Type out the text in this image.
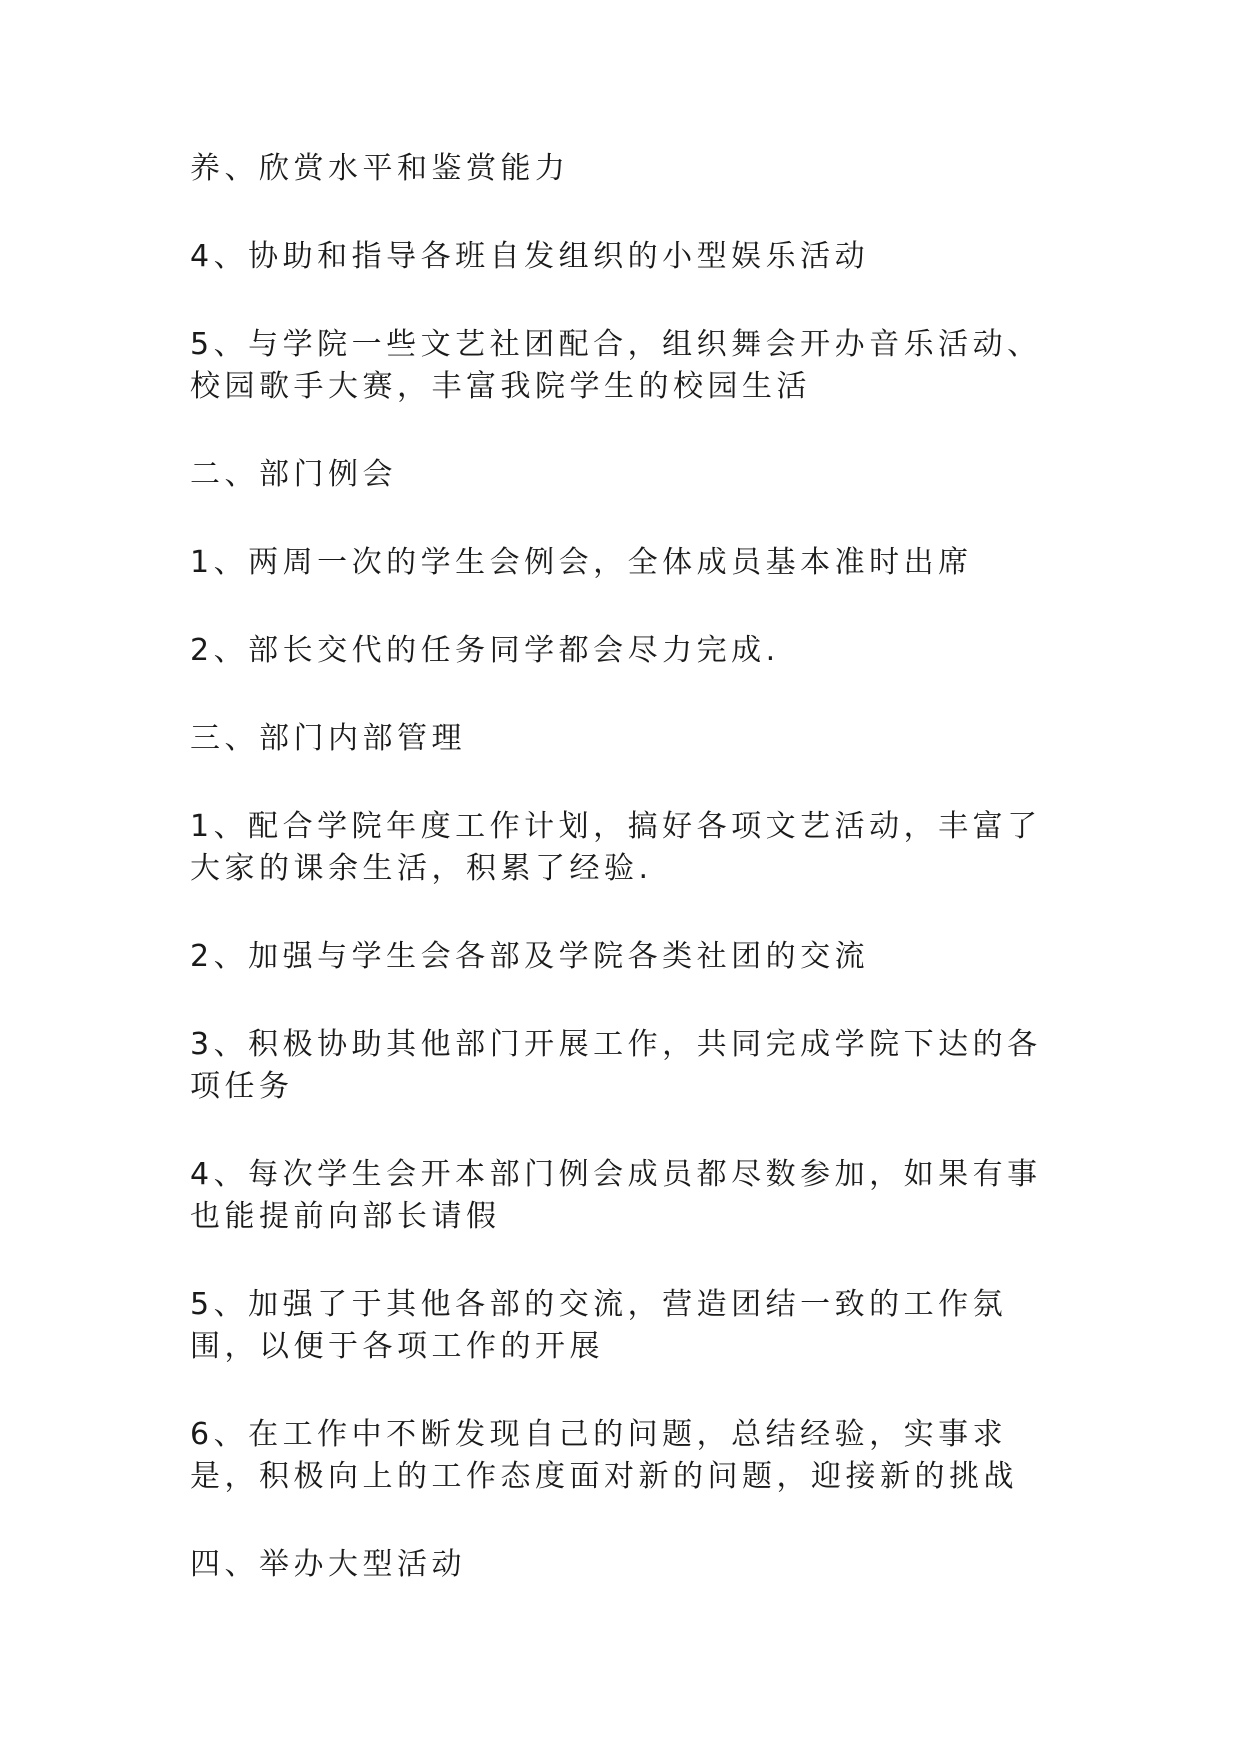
养、欣赏水平和鉴赏能力

4、协助和指导各班自发组织的小型娱乐活动

5、与学院一些文艺社团配合，组织舞会开办音乐活动、校园歌手大赛，丰富我院学生的校园生活

二、部门例会

1、两周一次的学生会例会，全体成员基本准时出席

2、部长交代的任务同学都会尽力完成.

三、部门内部管理

1、配合学院年度工作计划，搞好各项文艺活动，丰富了大家的课余生活，积累了经验.

2、加强与学生会各部及学院各类社团的交流

3、积极协助其他部门开展工作，共同完成学院下达的各项任务

4、每次学生会开本部门例会成员都尽数参加，如果有事也能提前向部长请假

5、加强了于其他各部的交流，营造团结一致的工作氛围，以便于各项工作的开展

6、在工作中不断发现自己的问题，总结经验，实事求是，积极向上的工作态度面对新的问题，迎接新的挑战

四、举办大型活动
